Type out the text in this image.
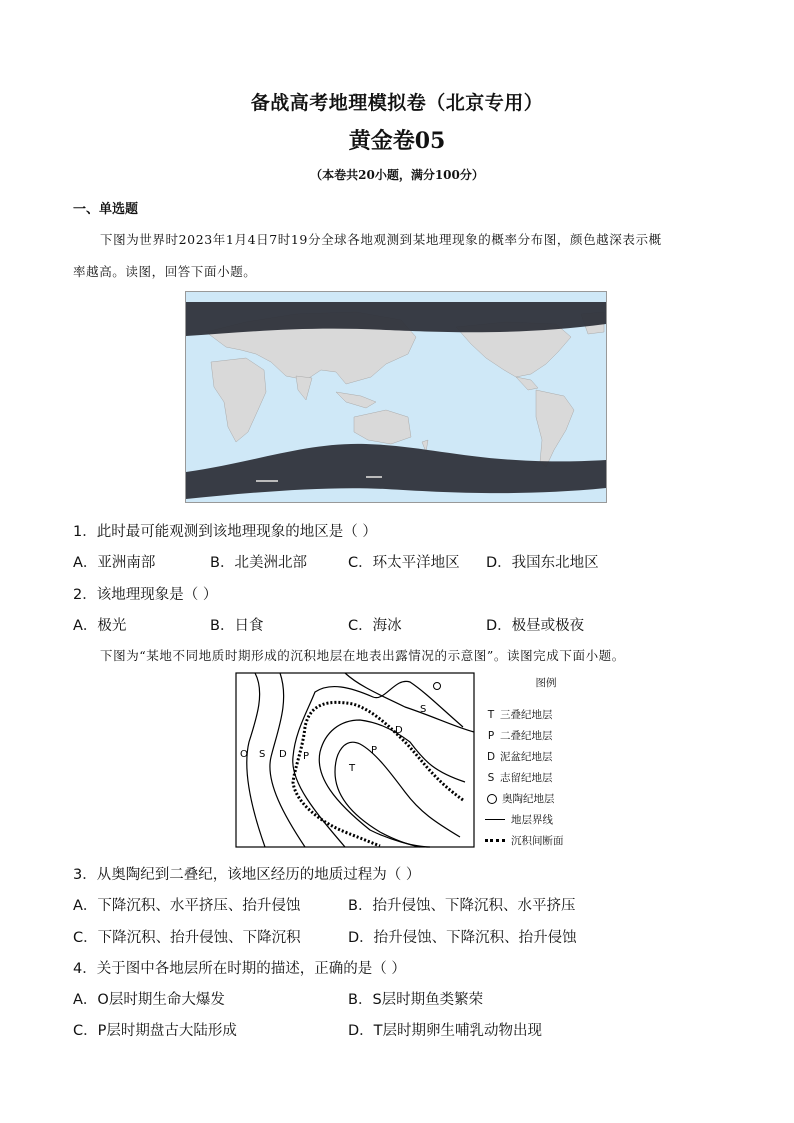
备战高考地理模拟卷（北京专用）
黄金卷05
（本卷共20小题，满分100分）
一、单选题
下图为世界时2023年1月4日7时19分全球各地观测到某地理现象的概率分布图，颜色越深表示概
率越高。读图，回答下面小题。
1．此时最可能观测到该地理现象的地区是（ ）
A．亚洲南部	B．北美洲北部	C．环太平洋地区 D．我国东北地区
2．该地理现象是（ ）
A．极光	B．日食	C．海冰	D．极昼或极夜
下图为“某地不同地质时期形成的沉积地层在地表出露情况的示意图”。读图完成下面小题。
O S D P
T
P
D
S
图例
T 三叠纪地层
P 二叠纪地层
D 泥盆纪地层
S 志留纪地层
奥陶纪地层
地层界线
沉积间断面
3．从奥陶纪到二叠纪，该地区经历的地质过程为（ ）
A．下降沉积、水平挤压、抬升侵蚀	B．抬升侵蚀、下降沉积、水平挤压
C．下降沉积、抬升侵蚀、下降沉积	D．抬升侵蚀、下降沉积、抬升侵蚀
4．关于图中各地层所在时期的描述，正确的是（ ）
A．O层时期生命大爆发	B．S层时期鱼类繁荣
C．P层时期盘古大陆形成	D．T层时期卵生哺乳动物出现
